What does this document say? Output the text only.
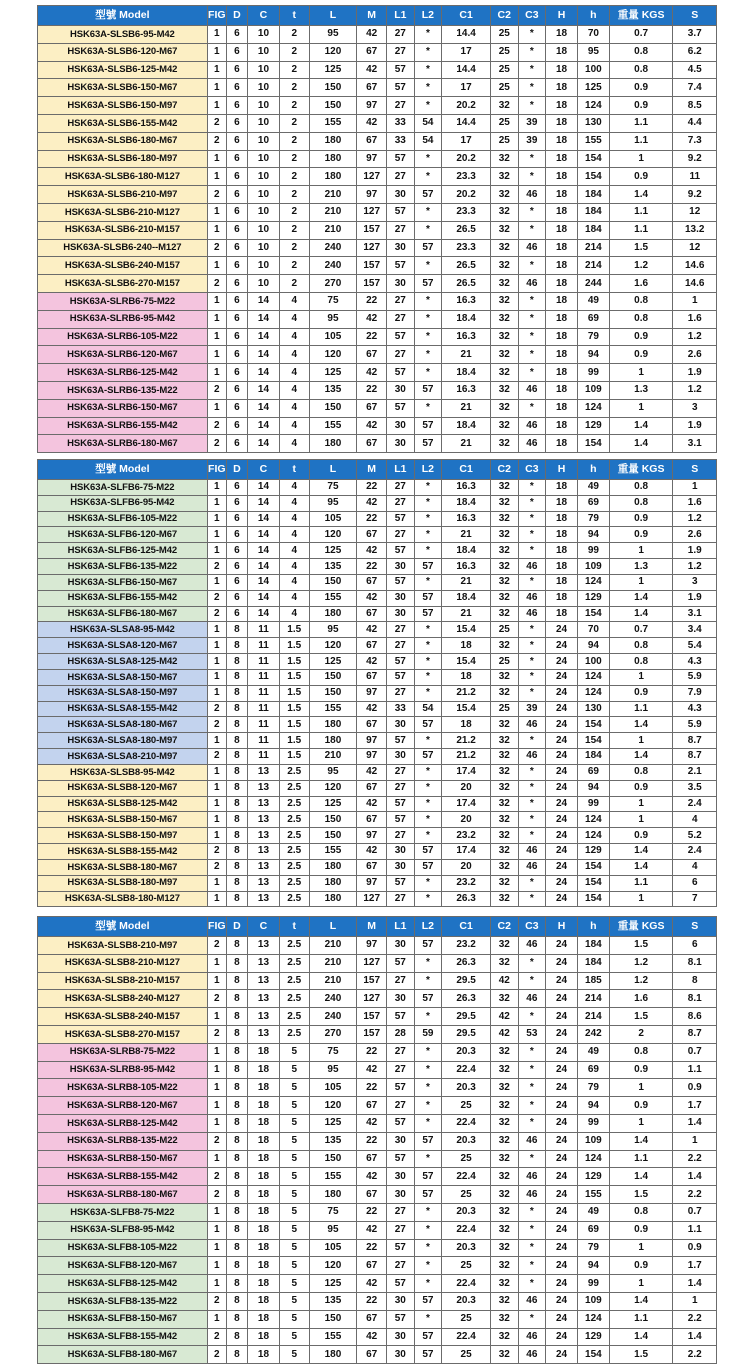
型號 Model	FIG	D	C	t	L	M	L1	L2	C1	C2	C3	H	h	重量 KGS	S
HSK63A-SLSB6-95-M42	1	6	10	2	95	42	27	*	14.4	25	*	18	70	0.7	3.7
HSK63A-SLSB6-120-M67	1	6	10	2	120	67	27	*	17	25	*	18	95	0.8	6.2
HSK63A-SLSB6-125-M42	1	6	10	2	125	42	57	*	14.4	25	*	18	100	0.8	4.5
HSK63A-SLSB6-150-M67	1	6	10	2	150	67	57	*	17	25	*	18	125	0.9	7.4
HSK63A-SLSB6-150-M97	1	6	10	2	150	97	27	*	20.2	32	*	18	124	0.9	8.5
HSK63A-SLSB6-155-M42	2	6	10	2	155	42	33	54	14.4	25	39	18	130	1.1	4.4
HSK63A-SLSB6-180-M67	2	6	10	2	180	67	33	54	17	25	39	18	155	1.1	7.3
HSK63A-SLSB6-180-M97	1	6	10	2	180	97	57	*	20.2	32	*	18	154	1	9.2
HSK63A-SLSB6-180-M127	1	6	10	2	180	127	27	*	23.3	32	*	18	154	0.9	11
HSK63A-SLSB6-210-M97	2	6	10	2	210	97	30	57	20.2	32	46	18	184	1.4	9.2
HSK63A-SLSB6-210-M127	1	6	10	2	210	127	57	*	23.3	32	*	18	184	1.1	12
HSK63A-SLSB6-210-M157	1	6	10	2	210	157	27	*	26.5	32	*	18	184	1.1	13.2
HSK63A-SLSB6-240--M127	2	6	10	2	240	127	30	57	23.3	32	46	18	214	1.5	12
HSK63A-SLSB6-240-M157	1	6	10	2	240	157	57	*	26.5	32	*	18	214	1.2	14.6
HSK63A-SLSB6-270-M157	2	6	10	2	270	157	30	57	26.5	32	46	18	244	1.6	14.6
HSK63A-SLRB6-75-M22	1	6	14	4	75	22	27	*	16.3	32	*	18	49	0.8	1
HSK63A-SLRB6-95-M42	1	6	14	4	95	42	27	*	18.4	32	*	18	69	0.8	1.6
HSK63A-SLRB6-105-M22	1	6	14	4	105	22	57	*	16.3	32	*	18	79	0.9	1.2
HSK63A-SLRB6-120-M67	1	6	14	4	120	67	27	*	21	32	*	18	94	0.9	2.6
HSK63A-SLRB6-125-M42	1	6	14	4	125	42	57	*	18.4	32	*	18	99	1	1.9
HSK63A-SLRB6-135-M22	2	6	14	4	135	22	30	57	16.3	32	46	18	109	1.3	1.2
HSK63A-SLRB6-150-M67	1	6	14	4	150	67	57	*	21	32	*	18	124	1	3
HSK63A-SLRB6-155-M42	2	6	14	4	155	42	30	57	18.4	32	46	18	129	1.4	1.9
HSK63A-SLRB6-180-M67	2	6	14	4	180	67	30	57	21	32	46	18	154	1.4	3.1
型號 Model	FIG	D	C	t	L	M	L1	L2	C1	C2	C3	H	h	重量 KGS	S
HSK63A-SLFB6-75-M22	1	6	14	4	75	22	27	*	16.3	32	*	18	49	0.8	1
HSK63A-SLFB6-95-M42	1	6	14	4	95	42	27	*	18.4	32	*	18	69	0.8	1.6
HSK63A-SLFB6-105-M22	1	6	14	4	105	22	57	*	16.3	32	*	18	79	0.9	1.2
HSK63A-SLFB6-120-M67	1	6	14	4	120	67	27	*	21	32	*	18	94	0.9	2.6
HSK63A-SLFB6-125-M42	1	6	14	4	125	42	57	*	18.4	32	*	18	99	1	1.9
HSK63A-SLFB6-135-M22	2	6	14	4	135	22	30	57	16.3	32	46	18	109	1.3	1.2
HSK63A-SLFB6-150-M67	1	6	14	4	150	67	57	*	21	32	*	18	124	1	3
HSK63A-SLFB6-155-M42	2	6	14	4	155	42	30	57	18.4	32	46	18	129	1.4	1.9
HSK63A-SLFB6-180-M67	2	6	14	4	180	67	30	57	21	32	46	18	154	1.4	3.1
HSK63A-SLSA8-95-M42	1	8	11	1.5	95	42	27	*	15.4	25	*	24	70	0.7	3.4
HSK63A-SLSA8-120-M67	1	8	11	1.5	120	67	27	*	18	32	*	24	94	0.8	5.4
HSK63A-SLSA8-125-M42	1	8	11	1.5	125	42	57	*	15.4	25	*	24	100	0.8	4.3
HSK63A-SLSA8-150-M67	1	8	11	1.5	150	67	57	*	18	32	*	24	124	1	5.9
HSK63A-SLSA8-150-M97	1	8	11	1.5	150	97	27	*	21.2	32	*	24	124	0.9	7.9
HSK63A-SLSA8-155-M42	2	8	11	1.5	155	42	33	54	15.4	25	39	24	130	1.1	4.3
HSK63A-SLSA8-180-M67	2	8	11	1.5	180	67	30	57	18	32	46	24	154	1.4	5.9
HSK63A-SLSA8-180-M97	1	8	11	1.5	180	97	57	*	21.2	32	*	24	154	1	8.7
HSK63A-SLSA8-210-M97	2	8	11	1.5	210	97	30	57	21.2	32	46	24	184	1.4	8.7
HSK63A-SLSB8-95-M42	1	8	13	2.5	95	42	27	*	17.4	32	*	24	69	0.8	2.1
HSK63A-SLSB8-120-M67	1	8	13	2.5	120	67	27	*	20	32	*	24	94	0.9	3.5
HSK63A-SLSB8-125-M42	1	8	13	2.5	125	42	57	*	17.4	32	*	24	99	1	2.4
HSK63A-SLSB8-150-M67	1	8	13	2.5	150	67	57	*	20	32	*	24	124	1	4
HSK63A-SLSB8-150-M97	1	8	13	2.5	150	97	27	*	23.2	32	*	24	124	0.9	5.2
HSK63A-SLSB8-155-M42	2	8	13	2.5	155	42	30	57	17.4	32	46	24	129	1.4	2.4
HSK63A-SLSB8-180-M67	2	8	13	2.5	180	67	30	57	20	32	46	24	154	1.4	4
HSK63A-SLSB8-180-M97	1	8	13	2.5	180	97	57	*	23.2	32	*	24	154	1.1	6
HSK63A-SLSB8-180-M127	1	8	13	2.5	180	127	27	*	26.3	32	*	24	154	1	7
型號 Model	FIG	D	C	t	L	M	L1	L2	C1	C2	C3	H	h	重量 KGS	S
HSK63A-SLSB8-210-M97	2	8	13	2.5	210	97	30	57	23.2	32	46	24	184	1.5	6
HSK63A-SLSB8-210-M127	1	8	13	2.5	210	127	57	*	26.3	32	*	24	184	1.2	8.1
HSK63A-SLSB8-210-M157	1	8	13	2.5	210	157	27	*	29.5	42	*	24	185	1.2	8
HSK63A-SLSB8-240-M127	2	8	13	2.5	240	127	30	57	26.3	32	46	24	214	1.6	8.1
HSK63A-SLSB8-240-M157	1	8	13	2.5	240	157	57	*	29.5	42	*	24	214	1.5	8.6
HSK63A-SLSB8-270-M157	2	8	13	2.5	270	157	28	59	29.5	42	53	24	242	2	8.7
HSK63A-SLRB8-75-M22	1	8	18	5	75	22	27	*	20.3	32	*	24	49	0.8	0.7
HSK63A-SLRB8-95-M42	1	8	18	5	95	42	27	*	22.4	32	*	24	69	0.9	1.1
HSK63A-SLRB8-105-M22	1	8	18	5	105	22	57	*	20.3	32	*	24	79	1	0.9
HSK63A-SLRB8-120-M67	1	8	18	5	120	67	27	*	25	32	*	24	94	0.9	1.7
HSK63A-SLRB8-125-M42	1	8	18	5	125	42	57	*	22.4	32	*	24	99	1	1.4
HSK63A-SLRB8-135-M22	2	8	18	5	135	22	30	57	20.3	32	46	24	109	1.4	1
HSK63A-SLRB8-150-M67	1	8	18	5	150	67	57	*	25	32	*	24	124	1.1	2.2
HSK63A-SLRB8-155-M42	2	8	18	5	155	42	30	57	22.4	32	46	24	129	1.4	1.4
HSK63A-SLRB8-180-M67	2	8	18	5	180	67	30	57	25	32	46	24	155	1.5	2.2
HSK63A-SLFB8-75-M22	1	8	18	5	75	22	27	*	20.3	32	*	24	49	0.8	0.7
HSK63A-SLFB8-95-M42	1	8	18	5	95	42	27	*	22.4	32	*	24	69	0.9	1.1
HSK63A-SLFB8-105-M22	1	8	18	5	105	22	57	*	20.3	32	*	24	79	1	0.9
HSK63A-SLFB8-120-M67	1	8	18	5	120	67	27	*	25	32	*	24	94	0.9	1.7
HSK63A-SLFB8-125-M42	1	8	18	5	125	42	57	*	22.4	32	*	24	99	1	1.4
HSK63A-SLFB8-135-M22	2	8	18	5	135	22	30	57	20.3	32	46	24	109	1.4	1
HSK63A-SLFB8-150-M67	1	8	18	5	150	67	57	*	25	32	*	24	124	1.1	2.2
HSK63A-SLFB8-155-M42	2	8	18	5	155	42	30	57	22.4	32	46	24	129	1.4	1.4
HSK63A-SLFB8-180-M67	2	8	18	5	180	67	30	57	25	32	46	24	154	1.5	2.2
